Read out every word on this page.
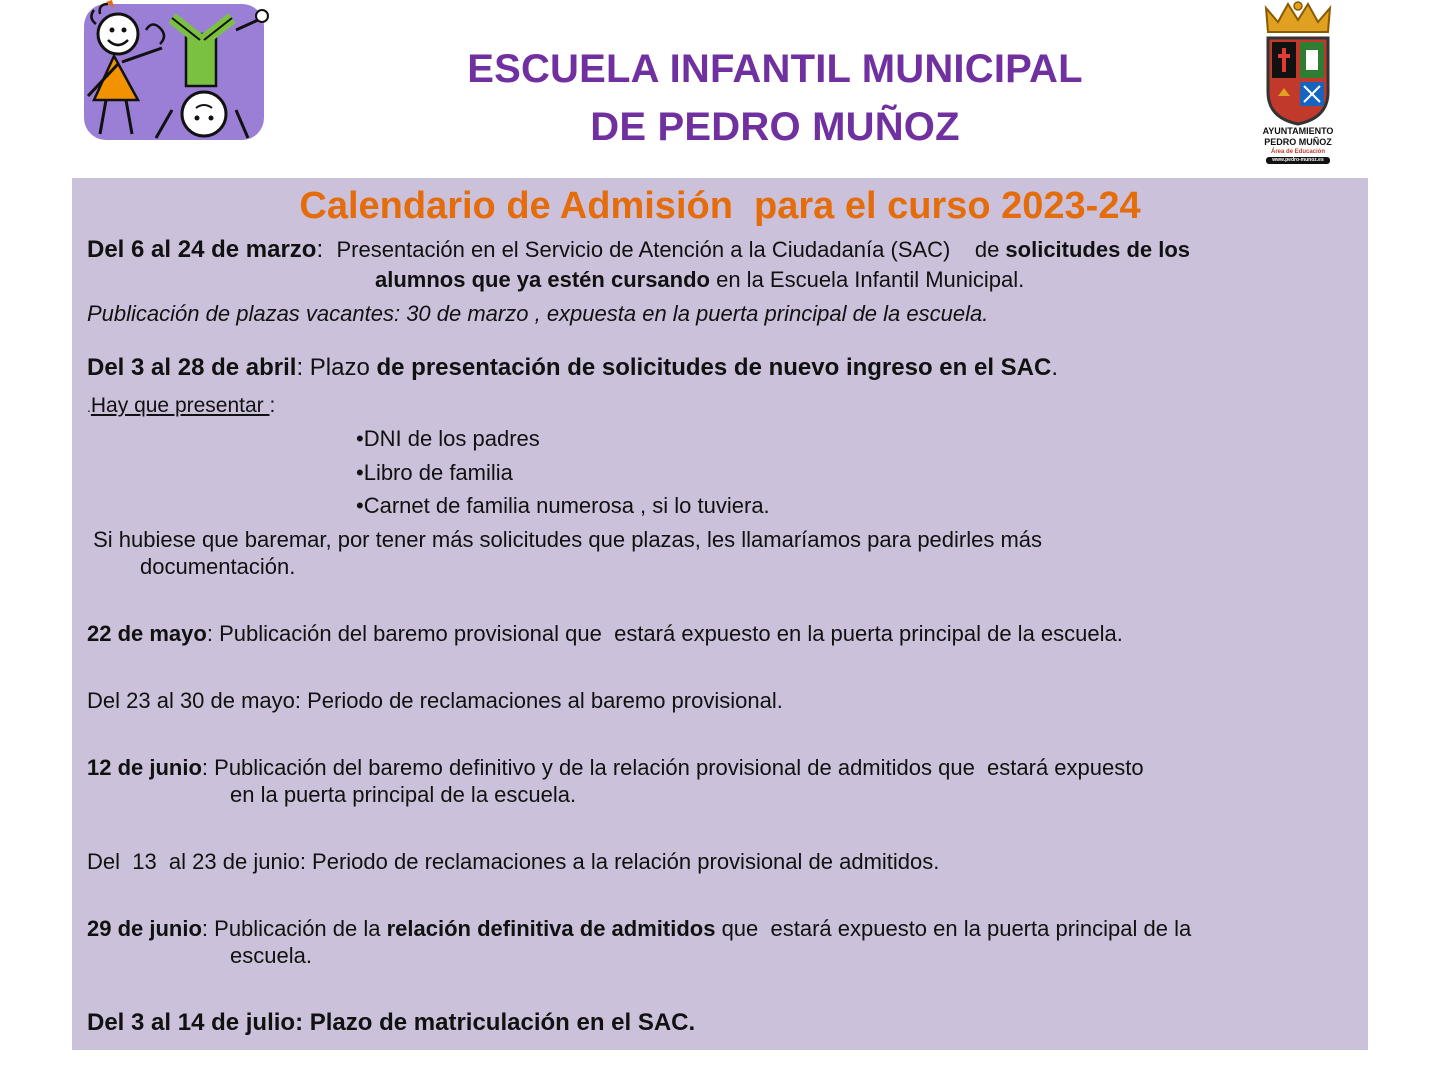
ESCUELA INFANTIL MUNICIPAL
DE PEDRO MUÑOZ	AYUNTAMIENTO
PEDRO MUÑOZ
Área de Educación
www.pedro-munoz.es
Calendario de Admisión  para el curso 2023-24
Del 6 al 24 de marzo:  Presentación en el Servicio de Atención a la Ciudadanía (SAC)    de solicitudes de los
alumnos que ya estén cursando en la Escuela Infantil Municipal.
Publicación de plazas vacantes: 30 de marzo , expuesta en la puerta principal de la escuela.
Del 3 al 28 de abril: Plazo de presentación de solicitudes de nuevo ingreso en el SAC.
.Hay que presentar :
•DNI de los padres
•Libro de familia
•Carnet de familia numerosa , si lo tuviera.
Si hubiese que baremar, por tener más solicitudes que plazas, les llamaríamos para pedirles más
documentación.
22 de mayo: Publicación del baremo provisional que  estará expuesto en la puerta principal de la escuela.
Del 23 al 30 de mayo: Periodo de reclamaciones al baremo provisional.
12 de junio: Publicación del baremo definitivo y de la relación provisional de admitidos que  estará expuesto
en la puerta principal de la escuela.
Del  13  al 23 de junio: Periodo de reclamaciones a la relación provisional de admitidos.
29 de junio: Publicación de la relación definitiva de admitidos que  estará expuesto en la puerta principal de la
escuela.
Del 3 al 14 de julio: Plazo de matriculación en el SAC.
